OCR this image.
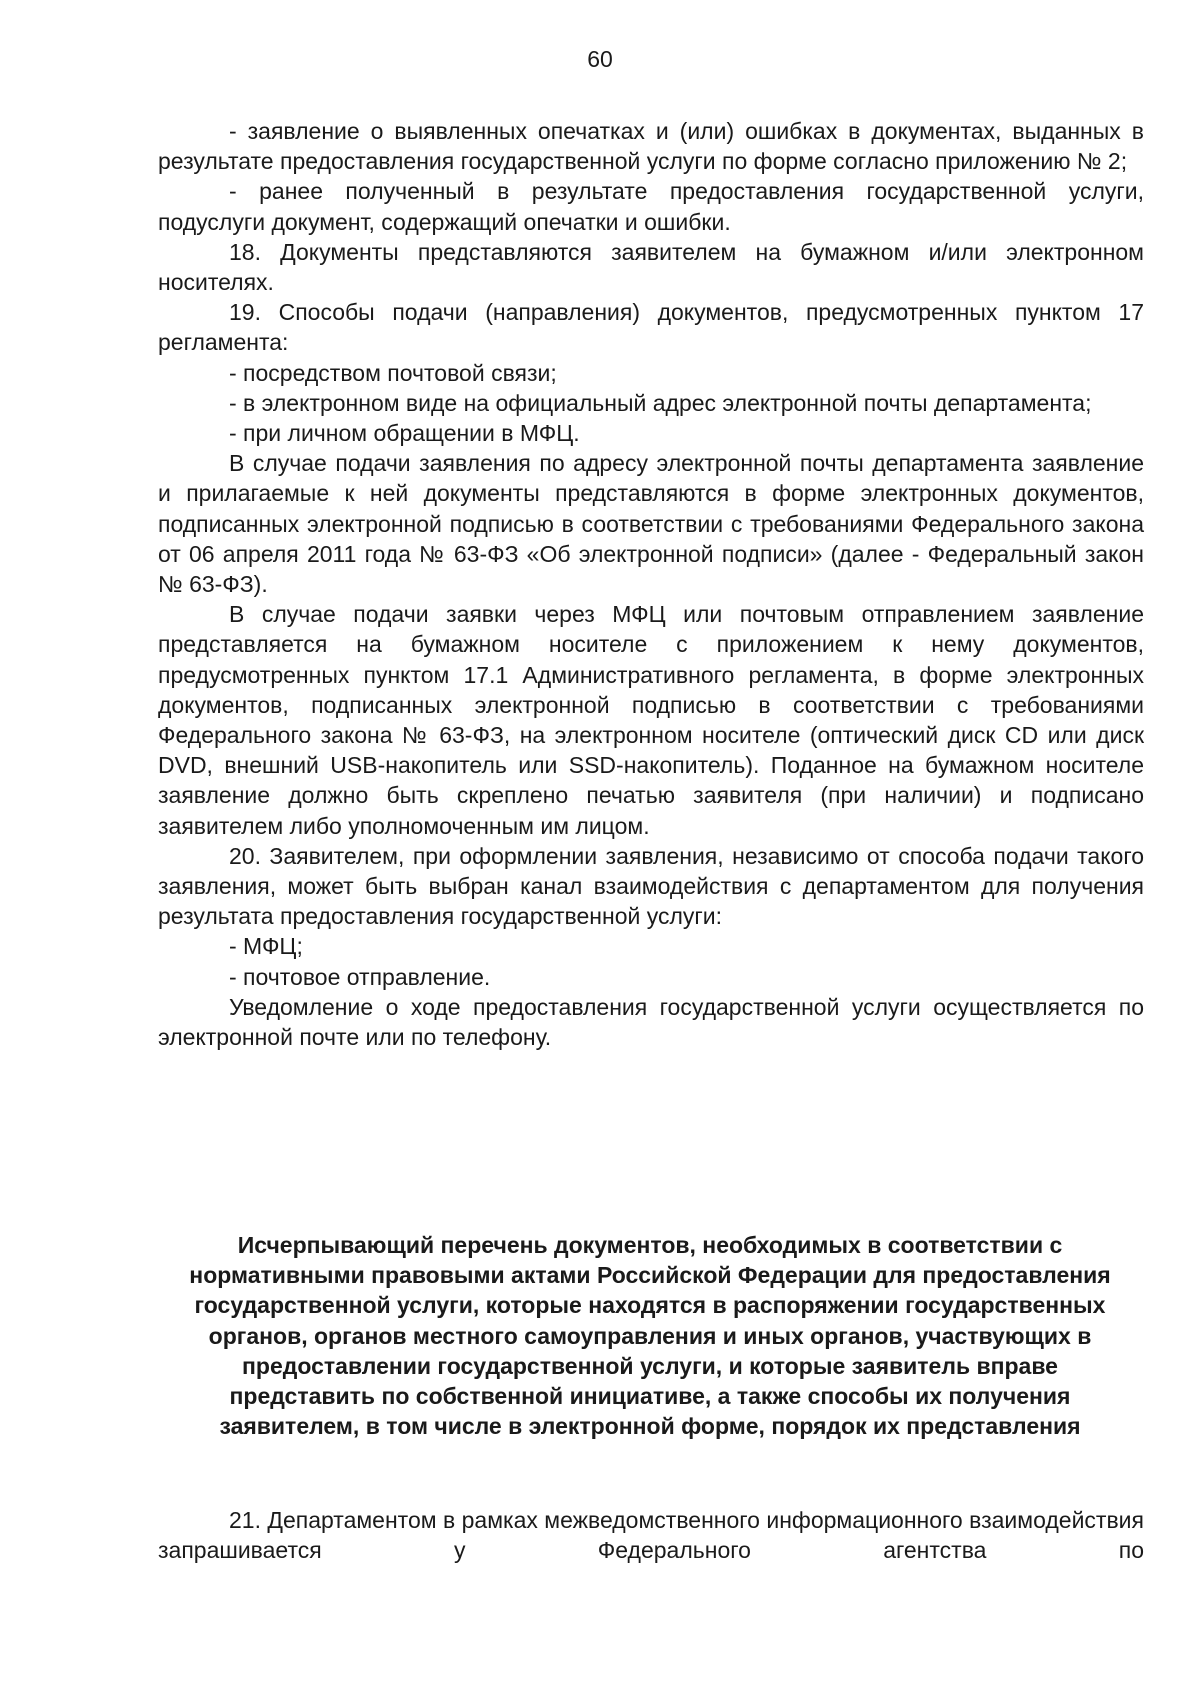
60

- заявление о выявленных опечатках и (или) ошибках в документах, выданных в результате предоставления государственной услуги по форме согласно приложению № 2;

- ранее полученный в результате предоставления государственной услуги, подуслуги документ, содержащий опечатки и ошибки.

18. Документы представляются заявителем на бумажном и/или электронном носителях.

19. Способы подачи (направления) документов, предусмотренных пунктом 17 регламента:

- посредством почтовой связи;

- в электронном виде на официальный адрес электронной почты департамента;

- при личном обращении в МФЦ.

В случае подачи заявления по адресу электронной почты департамента заявление и прилагаемые к ней документы представляются в форме электронных документов, подписанных электронной подписью в соответствии с требованиями Федерального закона от 06 апреля 2011 года № 63-ФЗ «Об электронной подписи» (далее - Федеральный закон № 63-ФЗ).

В случае подачи заявки через МФЦ или почтовым отправлением заявление представляется на бумажном носителе с приложением к нему документов, предусмотренных пунктом 17.1 Административного регламента, в форме электронных документов, подписанных электронной подписью в соответствии с требованиями Федерального закона № 63-ФЗ, на электронном носителе (оптический диск CD или диск DVD, внешний USB-накопитель или SSD-накопитель). Поданное на бумажном носителе заявление должно быть скреплено печатью заявителя (при наличии) и подписано заявителем либо уполномоченным им лицом.

20. Заявителем, при оформлении заявления, независимо от способа подачи такого заявления, может быть выбран канал взаимодействия с департаментом для получения результата предоставления государственной услуги:

- МФЦ;

- почтовое отправление.

Уведомление о ходе предоставления государственной услуги осуществляется по электронной почте или по телефону.

Исчерпывающий перечень документов, необходимых в соответствии с нормативными правовыми актами Российской Федерации для предоставления государственной услуги, которые находятся в распоряжении государственных органов, органов местного самоуправления и иных органов, участвующих в предоставлении государственной услуги, и которые заявитель вправе представить по собственной инициативе, а также способы их получения заявителем, в том числе в электронной форме, порядок их представления

21. Департаментом в рамках межведомственного информационного взаимодействия запрашивается у Федерального агентства по
